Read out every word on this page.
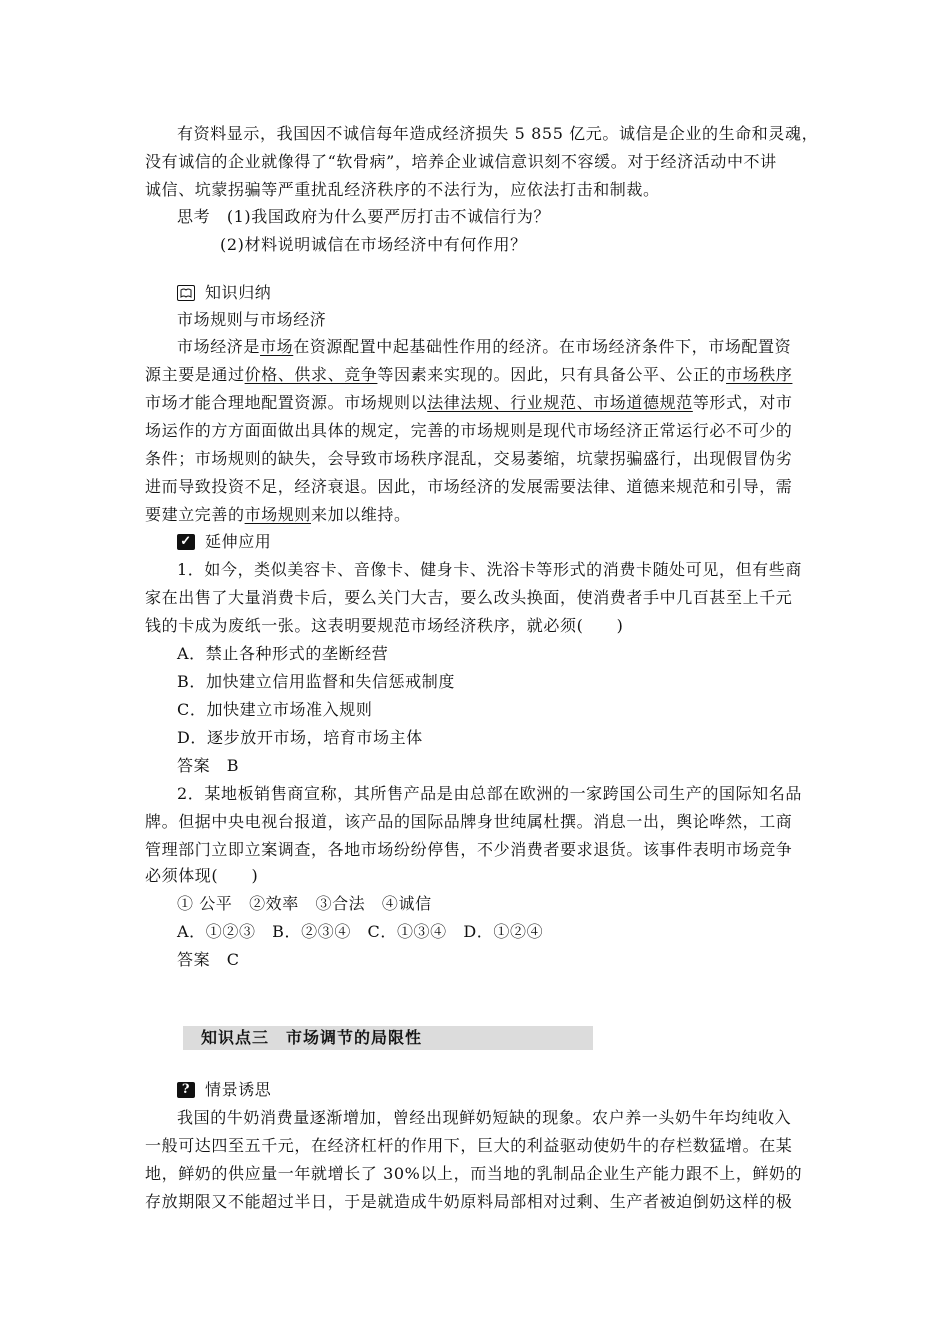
有资料显示，我国因不诚信每年造成经济损失 5 855 亿元。诚信是企业的生命和灵魂，
没有诚信的企业就像得了“软骨病”，培养企业诚信意识刻不容缓。对于经济活动中不讲
诚信、坑蒙拐骗等严重扰乱经济秩序的不法行为，应依法打击和制裁。
思考　 (1)我国政府为什么要严厉打击不诚信行为？
(2)材料说明诚信在市场经济中有何作用？
知识归纳
市场规则与市场经济
市场经济是市场在资源配置中起基础性作用的经济。在市场经济条件下，市场配置资
源主要是通过价格、供求、竞争等因素来实现的。因此，只有具备公平、公正的市场秩序
市场才能合理地配置资源。市场规则以法律法规、行业规范、市场道德规范等形式，对市
场运作的方方面面做出具体的规定，完善的市场规则是现代市场经济正常运行必不可少的
条件；市场规则的缺失，会导致市场秩序混乱，交易萎缩，坑蒙拐骗盛行，出现假冒伪劣
进而导致投资不足，经济衰退。因此，市场经济的发展需要法律、道德来规范和引导，需
要建立完善的市场规则来加以维持。
✓ 延伸应用
1．如今，类似美容卡、音像卡、健身卡、洗浴卡等形式的消费卡随处可见，但有些商
家在出售了大量消费卡后，要么关门大吉，要么改头换面，使消费者手中几百甚至上千元
钱的卡成为废纸一张。这表明要规范市场经济秩序，就必须(　　)
A．禁止各种形式的垄断经营
B．加快建立信用监督和失信惩戒制度
C．加快建立市场准入规则
D．逐步放开市场，培育市场主体
答案　B
2．某地板销售商宣称，其所售产品是由总部在欧洲的一家跨国公司生产的国际知名品
牌。但据中央电视台报道，该产品的国际品牌身世纯属杜撰。消息一出，舆论哗然，工商
管理部门立即立案调查，各地市场纷纷停售，不少消费者要求退货。该事件表明市场竞争
必须体现(　　)
① 公平　②效率　③合法　④诚信
A．①②③　B．②③④　C．①③④　D．①②④
答案　C
知识点三　市场调节的局限性
? 情景诱思
我国的牛奶消费量逐渐增加，曾经出现鲜奶短缺的现象。农户养一头奶牛年均纯收入
一般可达四至五千元，在经济杠杆的作用下，巨大的利益驱动使奶牛的存栏数猛增。在某
地，鲜奶的供应量一年就增长了 30%以上，而当地的乳制品企业生产能力跟不上，鲜奶的
存放期限又不能超过半日，于是就造成牛奶原料局部相对过剩、生产者被迫倒奶这样的极
